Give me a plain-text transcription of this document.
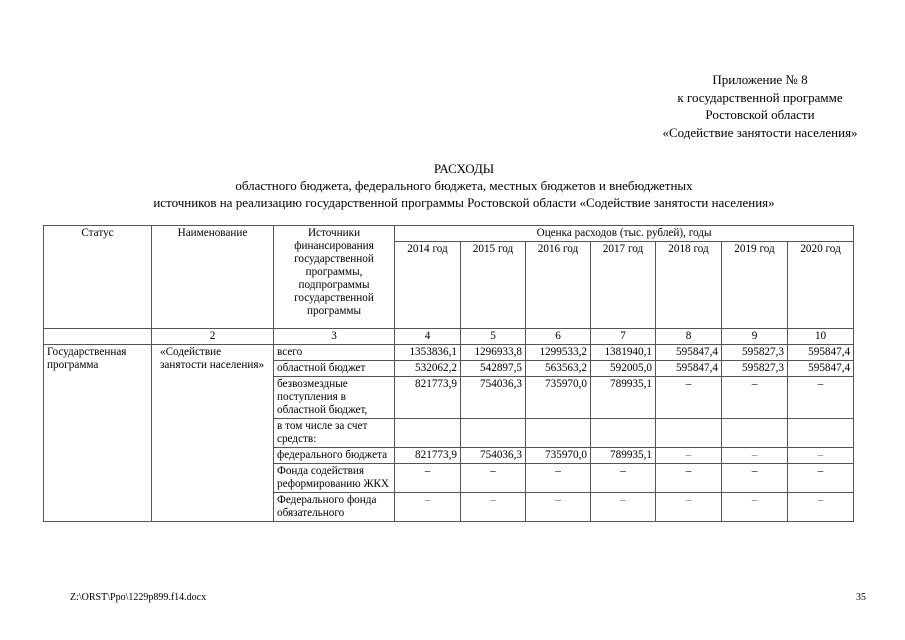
Приложение № 8
к государственной программе
Ростовской области
«Содействие занятости населения»
РАСХОДЫ
областного бюджета, федерального бюджета, местных бюджетов и внебюджетных
источников на реализацию государственной программы Ростовской области «Содействие занятости населения»
Статус	Наименование	Источники финансирования государственной программы, подпрограммы государственной программы	Оценка расходов (тыс. рублей), годы						
			2014 год	2015 год	2016 год	2017 год	2018 год	2019 год	2020 год
	2	3	4	5	6	7	8	9	10
Государственная программа	«Содействие занятости населения»	всего	1353836,1	1296933,8	1299533,2	1381940,1	595847,4	595827,3	595847,4
		областной бюджет	532062,2	542897,5	563563,2	592005,0	595847,4	595827,3	595847,4
		безвозмездные поступления в областной бюджет,	821773,9	754036,3	735970,0	789935,1	–	–	–
		в том числе за счет средств:							
		федерального бюджета	821773,9	754036,3	735970,0	789935,1	–	–	–
		Фонда содействия реформированию ЖКХ	–	–	–	–	–	–	–
		Федерального фонда обязательного	–	–	–	–	–	–	–
Z:\ORST\Ppo\1229p899.f14.docx	35
